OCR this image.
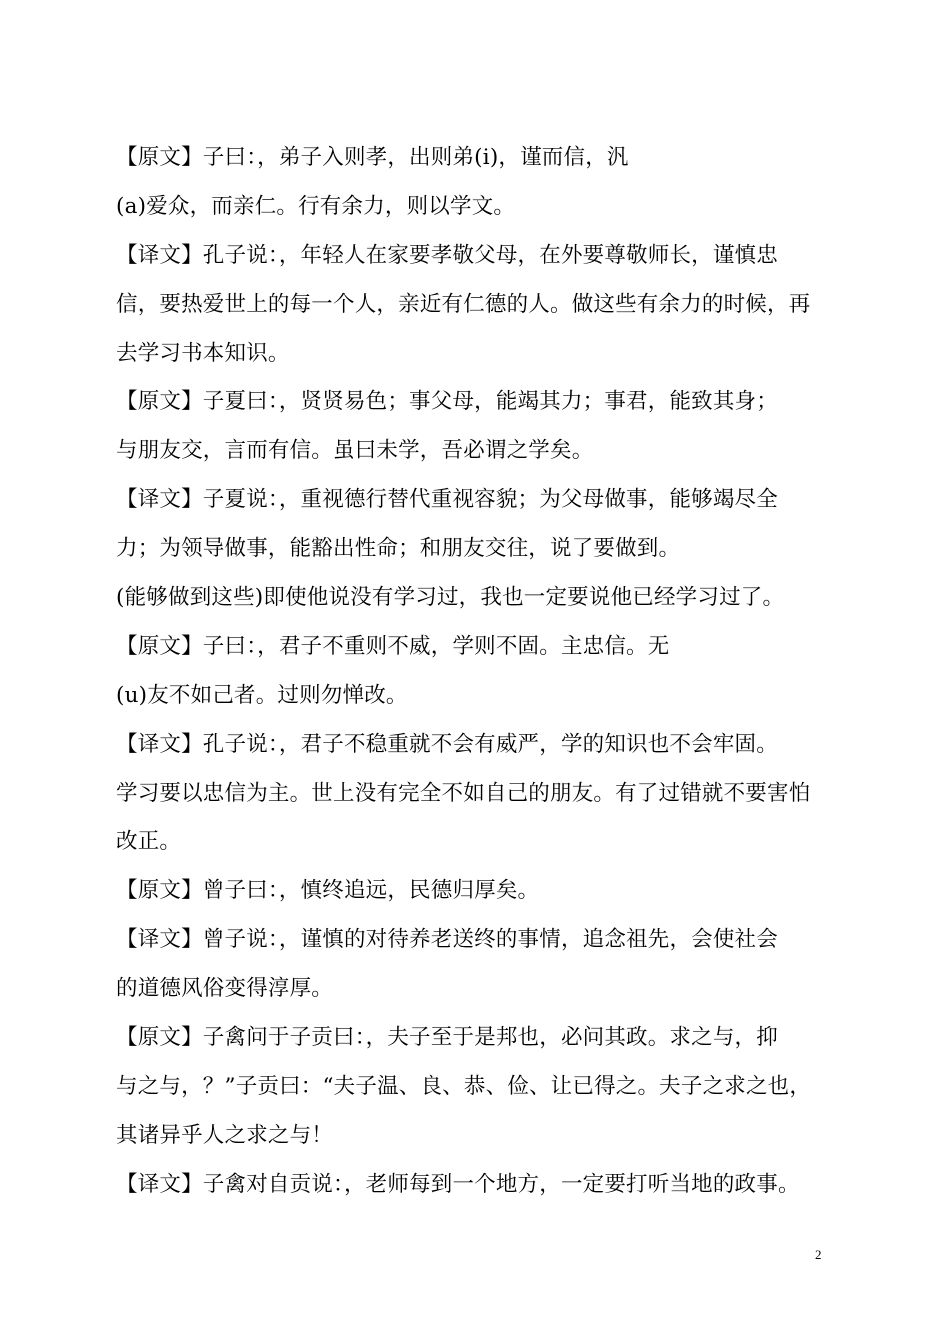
【原文】子曰：，弟子入则孝，出则弟(i)，谨而信，汎
(a)爱众，而亲仁。行有余力，则以学文。
【译文】孔子说：，年轻人在家要孝敬父母，在外要尊敬师长，谨慎忠
信，要热爱世上的每一个人，亲近有仁德的人。做这些有余力的时候，再
去学习书本知识。
【原文】子夏曰：，贤贤易色；事父母，能竭其力；事君，能致其身；
与朋友交，言而有信。虽曰未学，吾必谓之学矣。
【译文】子夏说：，重视德行替代重视容貌；为父母做事，能够竭尽全
力；为领导做事，能豁出性命；和朋友交往，说了要做到。
(能够做到这些)即使他说没有学习过，我也一定要说他已经学习过了。
【原文】子曰：，君子不重则不威，学则不固。主忠信。无
(u)友不如己者。过则勿惮改。
【译文】孔子说：，君子不稳重就不会有威严，学的知识也不会牢固。
学习要以忠信为主。世上没有完全不如自己的朋友。有了过错就不要害怕
改正。
【原文】曾子曰：，慎终追远，民德归厚矣。
【译文】曾子说：，谨慎的对待养老送终的事情，追念祖先，会使社会
的道德风俗变得淳厚。
【原文】子禽问于子贡曰：，夫子至于是邦也，必问其政。求之与，抑
与之与，？”子贡曰：“夫子温、良、恭、俭、让已得之。夫子之求之也，
其诸异乎人之求之与！
【译文】子禽对自贡说：，老师每到一个地方，一定要打听当地的政事。
2
